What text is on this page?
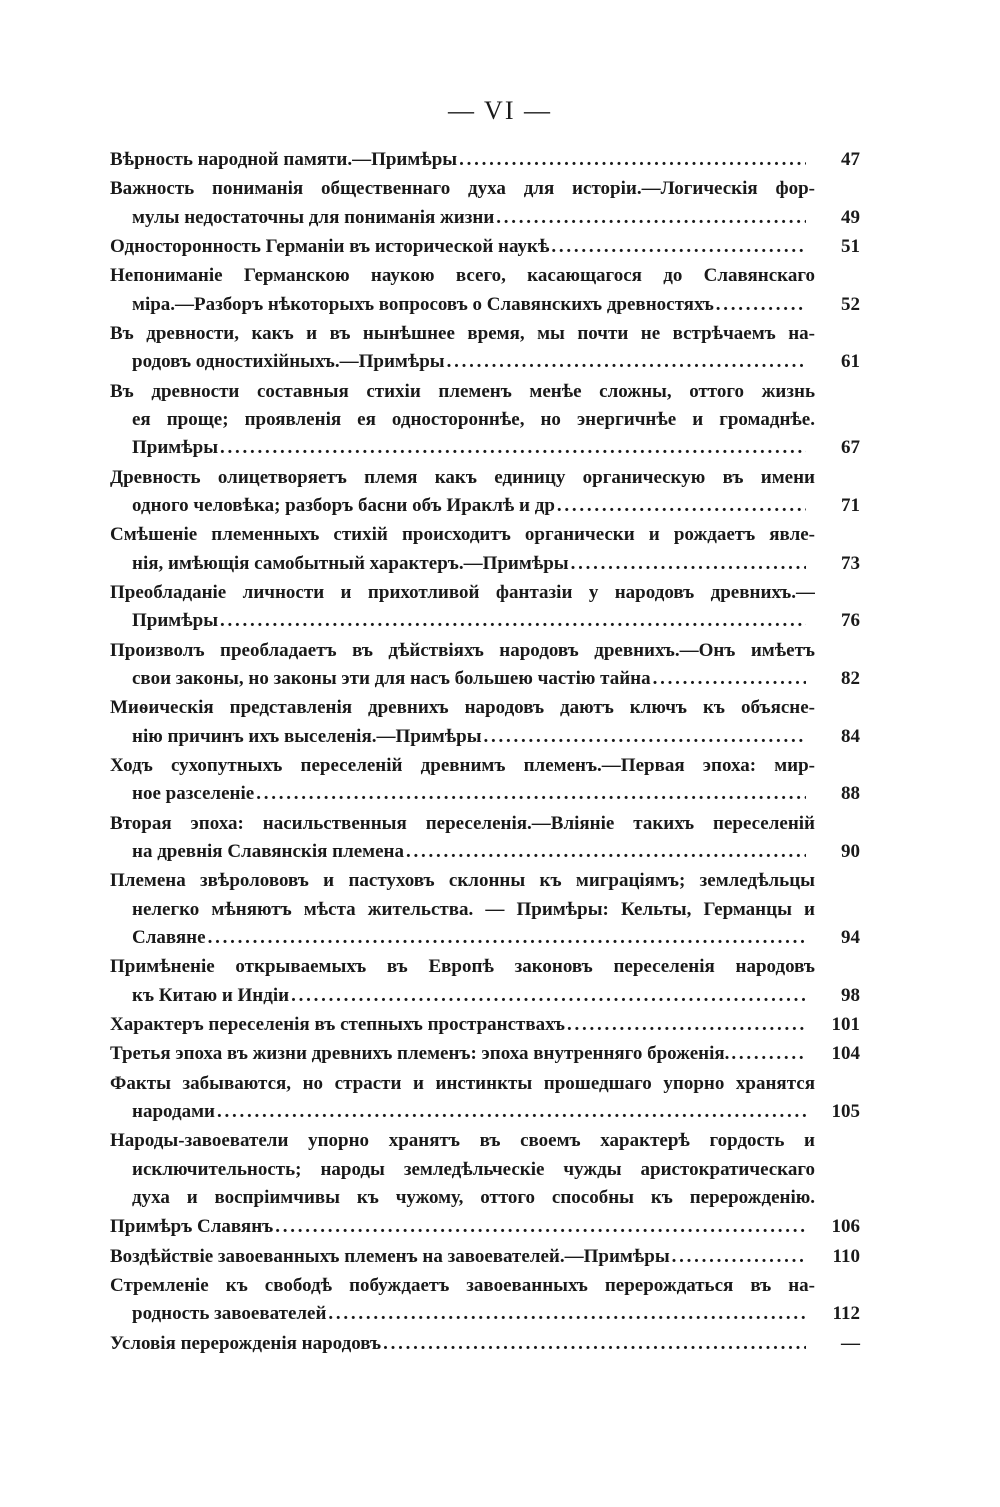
— VI —
Вѣрность народной памяти.—Примѣры . . .	47
Важность пониманія общественнаго духа для исторіи.—Логическія фор-
мулы недостаточны для пониманія жизни . . .	49
Односторонность Германіи въ исторической наукѣ . . .	51
Непониманіе Германскою наукою всего, касающагося до Славянскаго
міра.—Разборъ нѣкоторыхъ вопросовъ о Славянскихъ древностяхъ . . .	52
Въ древности, какъ и въ нынѣшнее время, мы почти не встрѣчаемъ на-
родовъ одностихійныхъ.—Примѣры . . .	61
Въ древности составныя стихіи племенъ менѣе сложны, оттого жизнь
ея проще; проявленія ея одностороннѣе, но энергичнѣе и громаднѣе.
Примѣры . . .	67
Древность олицетворяетъ племя какъ единицу органическую въ имени
одного человѣка; разборъ басни объ Ираклѣ и др . . .	71
Смѣшеніе племенныхъ стихій происходитъ органически и рождаетъ явле-
нія, имѣющія самобытный характеръ.—Примѣры . . .	73
Преобладаніе личности и прихотливой фантазіи у народовъ древнихъ.—
Примѣры . . .	76
Произволъ преобладаетъ въ дѣйствіяхъ народовъ древнихъ.—Онъ имѣетъ
свои законы, но законы эти для насъ большею частію тайна . . .	82
Миѳическія представленія древнихъ народовъ даютъ ключъ къ объясне-
нію причинъ ихъ выселенія.—Примѣры . . .	84
Ходъ сухопутныхъ переселеній древнимъ племенъ.—Первая эпоха: мир-
ное разселеніе . . .	88
Вторая эпоха: насильственныя переселенія.—Вліяніе такихъ переселеній
на древнія Славянскія племена . . .	90
Племена звѣролововъ и пастуховъ склонны къ миграціямъ; земледѣльцы
нелегко мѣняютъ мѣста жительства. — Примѣры: Кельты, Германцы и
Славяне . . .	94
Примѣненіе открываемыхъ въ Европѣ законовъ переселенія народовъ
къ Китаю и Индіи . . .	98
Характеръ переселенія въ степныхъ пространствахъ . . .	101
Третья эпоха въ жизни древнихъ племенъ: эпоха внутренняго броженія. . . .	104
Факты забываются, но страсти и инстинкты прошедшаго упорно хранятся
народами . . .	105
Народы-завоеватели упорно хранятъ въ своемъ характерѣ гордость и
исключительность; народы земледѣльческіе чужды аристократическаго
духа и воспріимчивы къ чужому, оттого способны къ перерожденію.
Примѣръ Славянъ . . .	106
Воздѣйствіе завоеванныхъ племенъ на завоевателей.—Примѣры . . .	110
Стремленіе къ свободѣ побуждаетъ завоеванныхъ перерождаться въ на-
родность завоевателей . . .	112
Условія перерожденія народовъ . . .	—
